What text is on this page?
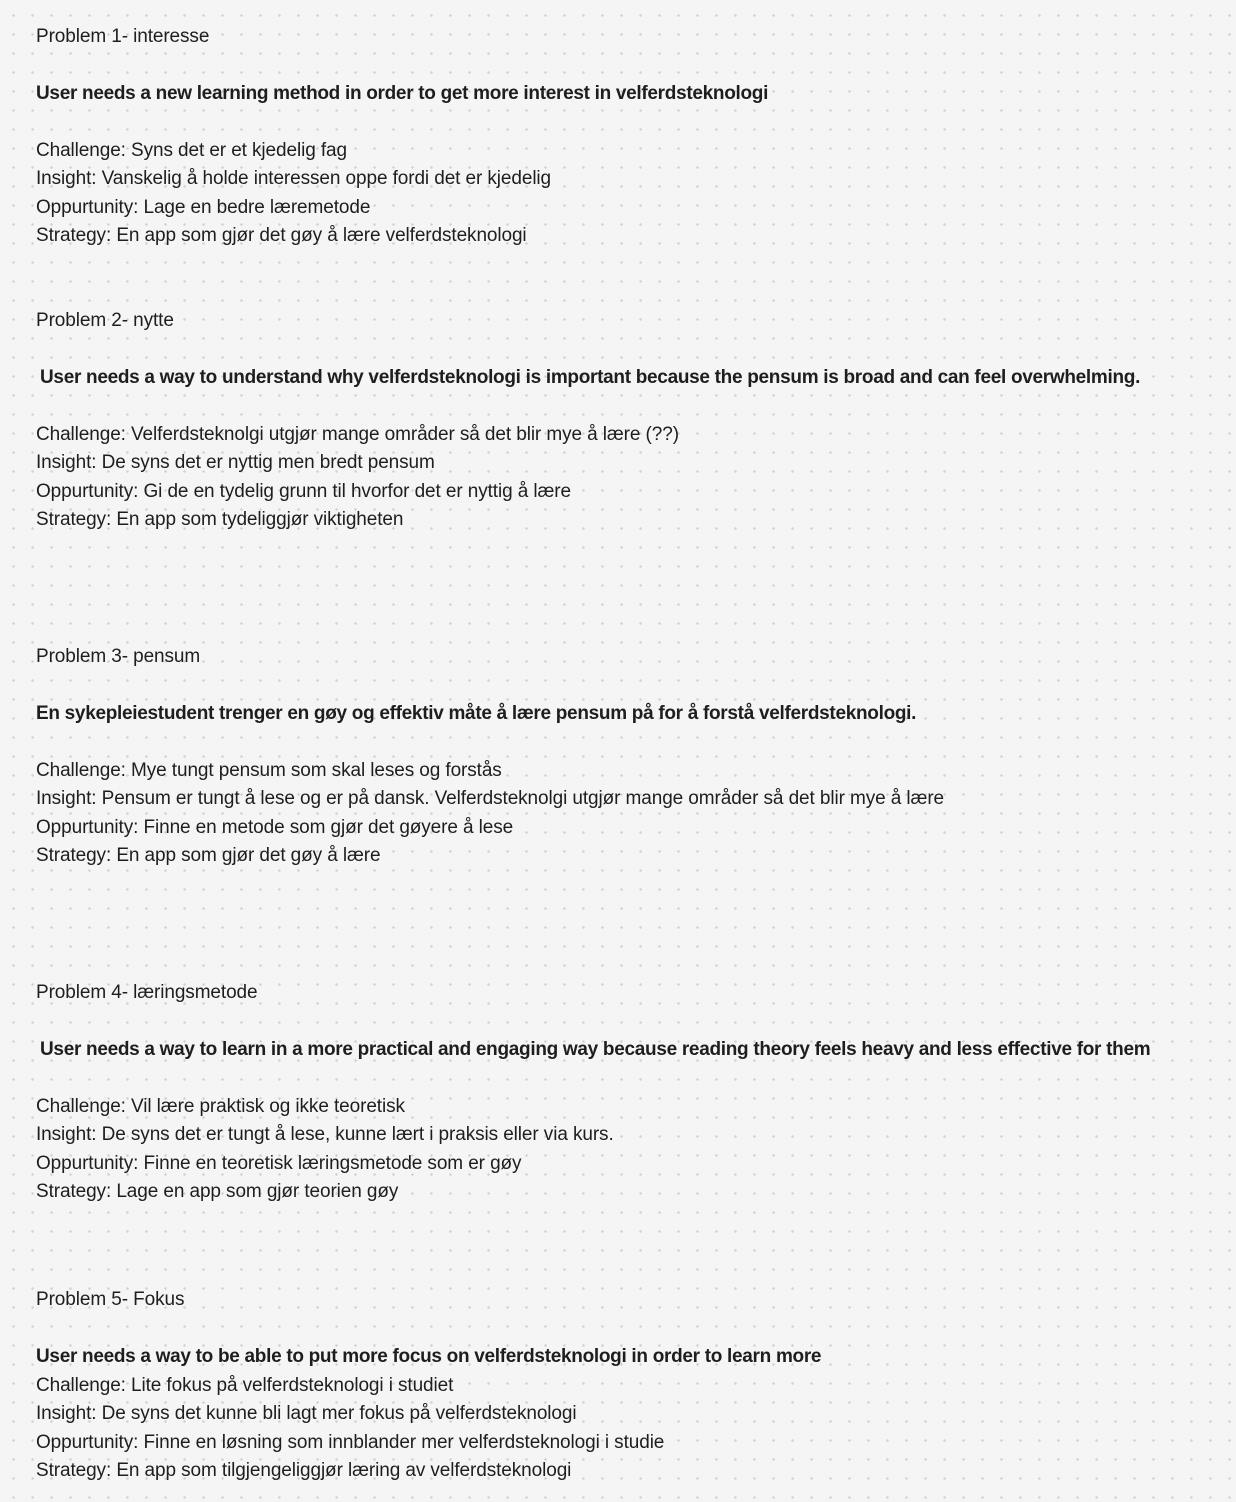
Problem 1- interesse
User needs a new learning method in order to get more interest in velferdsteknologi
Challenge: Syns det er et kjedelig fag
Insight: Vanskelig å holde interessen oppe fordi det er kjedelig
Oppurtunity: Lage en bedre læremetode
Strategy: En app som gjør det gøy å lære velferdsteknologi
Problem 2- nytte
User needs a way to understand why velferdsteknologi is important because the pensum is broad and can feel overwhelming.
Challenge: Velferdsteknolgi utgjør mange områder så det blir mye å lære (??)
Insight: De syns det er nyttig men bredt pensum
Oppurtunity: Gi de en tydelig grunn til hvorfor det er nyttig å lære
Strategy: En app som tydeliggjør viktigheten
Problem 3- pensum
En sykepleiestudent trenger en gøy og effektiv måte å lære pensum på for å forstå velferdsteknologi.
Challenge: Mye tungt pensum som skal leses og forstås
Insight: Pensum er tungt å lese og er på dansk. Velferdsteknolgi utgjør mange områder så det blir mye å lære
Oppurtunity: Finne en metode som gjør det gøyere å lese
Strategy: En app som gjør det gøy å lære
Problem 4- læringsmetode
User needs a way to learn in a more practical and engaging way because reading theory feels heavy and less effective for them
Challenge: Vil lære praktisk og ikke teoretisk
Insight: De syns det er tungt å lese, kunne lært i praksis eller via kurs.
Oppurtunity: Finne en teoretisk læringsmetode som er gøy
Strategy: Lage en app som gjør teorien gøy
Problem 5- Fokus
User needs a way to be able to put more focus on velferdsteknologi in order to learn more
Challenge: Lite fokus på velferdsteknologi i studiet
Insight: De syns det kunne bli lagt mer fokus på velferdsteknologi
Oppurtunity: Finne en løsning som innblander mer velferdsteknologi i studie
Strategy: En app som tilgjengeliggjør læring av velferdsteknologi
